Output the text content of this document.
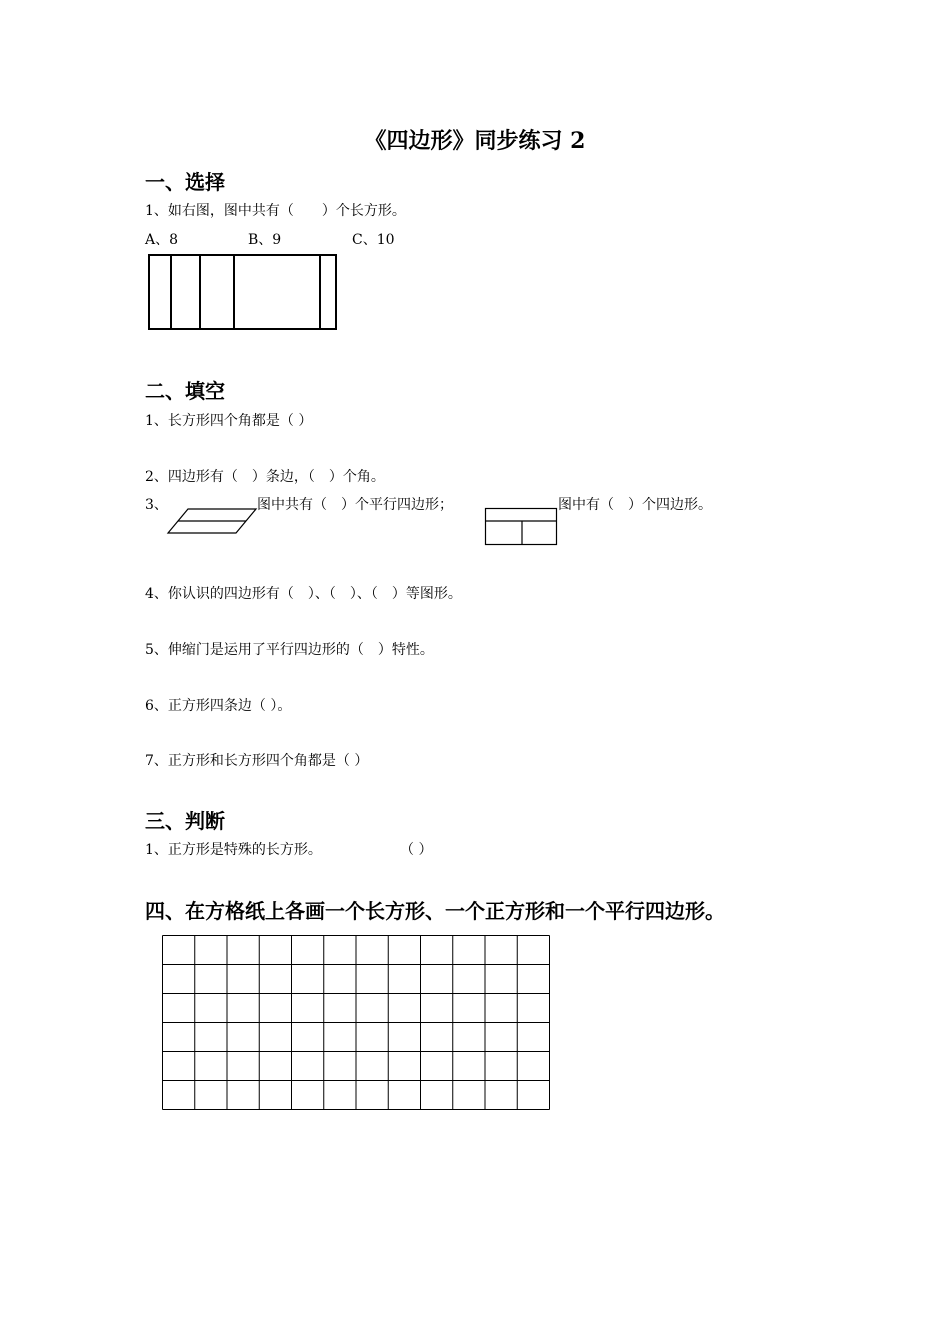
《四边形》同步练习 2
一、选择
1、如右图，图中共有（　　）个长方形。
A、8	B、9	C、10
二、填空
1、长方形四个角都是（ ）
2、四边形有（　）条边，（　）个角。
3、	图中共有（　）个平行四边形；	图中有（　）个四边形。
4、你认识的四边形有（　）、（　）、（　）等图形。
5、伸缩门是运用了平行四边形的（　）特性。
6、正方形四条边（ ）。
7、正方形和长方形四个角都是（ ）
三、判断
1、正方形是特殊的长方形。	（ ）
四、在方格纸上各画一个长方形、一个正方形和一个平行四边形。
